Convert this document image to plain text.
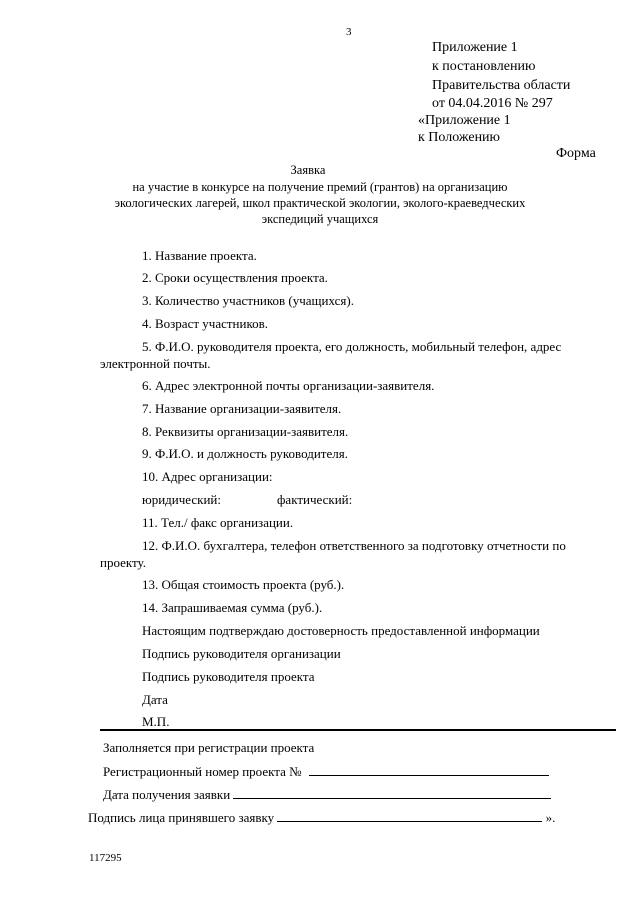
3
Приложение 1
к постановлению
Правительства области
от 04.04.2016 № 297
«Приложение 1
к Положению
Форма
Заявка
на участие в конкурсе на получение премий (грантов) на организацию
экологических лагерей, школ практической экологии, эколого-краеведческих
экспедиций учащихся
1. Название проекта.
2. Сроки осуществления проекта.
3. Количество участников (учащихся).
4. Возраст участников.
5. Ф.И.О. руководителя проекта, его должность, мобильный телефон, адрес
электронной почты.
6. Адрес электронной почты организации-заявителя.
7. Название организации-заявителя.
8. Реквизиты организации-заявителя.
9. Ф.И.О. и должность руководителя.
10. Адрес организации:
юридический:	фактический:
11. Тел./ факс организации.
12. Ф.И.О. бухгалтера, телефон ответственного за подготовку отчетности по
проекту.
13. Общая стоимость проекта (руб.).
14. Запрашиваемая сумма (руб.).
Настоящим подтверждаю достоверность предоставленной информации
Подпись руководителя организации
Подпись руководителя проекта
Дата
М.П.
Заполняется при регистрации проекта
Регистрационный номер проекта №
Дата получения заявки
Подпись лица принявшего заявку	».
117295
